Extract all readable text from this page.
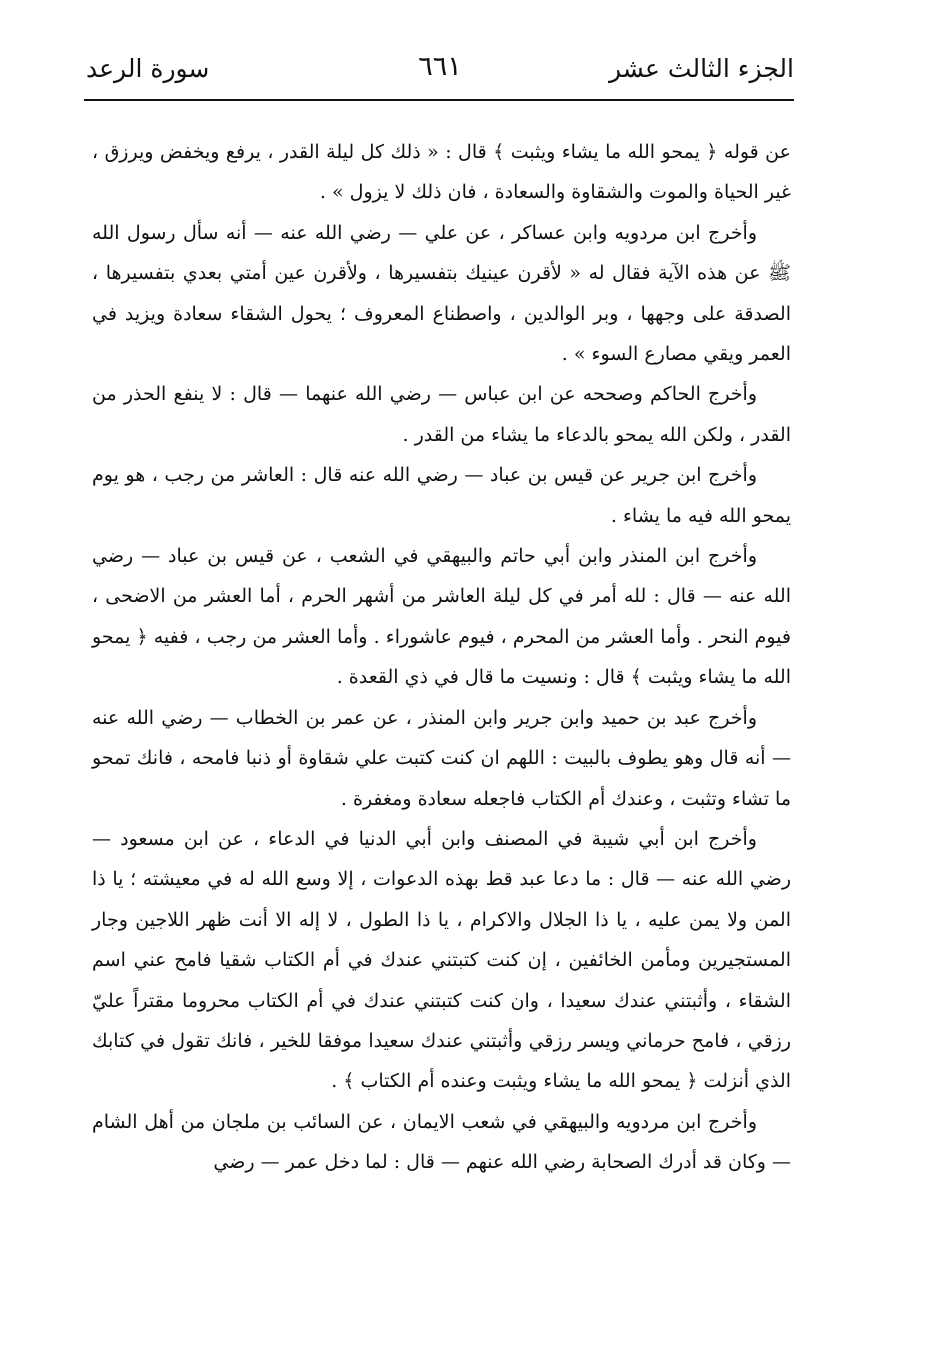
الجزء الثالث عشر
٦٦١
سورة الرعد

عن قوله ﴿ يمحو الله ما يشاء ويثبت ﴾ قال : « ذلك كل ليلة القدر ، يرفع ويخفض ويرزق ، غير الحياة والموت والشقاوة والسعادة ، فان ذلك لا يزول » .

وأخرج ابن مردويه وابن عساكر ، عن علي — رضي الله عنه — أنه سأل رسول الله ﷺ عن هذه الآية فقال له « لأقرن عينيك بتفسيرها ، ولأقرن عين أمتي بعدي بتفسيرها ، الصدقة على وجهها ، وبر الوالدين ، واصطناع المعروف ؛ يحول الشقاء سعادة ويزيد في العمر ويقي مصارع السوء » .

وأخرج الحاكم وصححه عن ابن عباس — رضي الله عنهما — قال : لا ينفع الحذر من القدر ، ولكن الله يمحو بالدعاء ما يشاء من القدر .

وأخرج ابن جرير عن قيس بن عباد — رضي الله عنه قال : العاشر من رجب ، هو يوم يمحو الله فيه ما يشاء .

وأخرج ابن المنذر وابن أبي حاتم والبيهقي في الشعب ، عن قيس بن عباد — رضي الله عنه — قال : لله أمر في كل ليلة العاشر من أشهر الحرم ، أما العشر من الاضحى ، فيوم النحر . وأما العشر من المحرم ، فيوم عاشوراء . وأما العشر من رجب ، ففيه ﴿ يمحو الله ما يشاء ويثبت ﴾ قال : ونسيت ما قال في ذي القعدة .

وأخرج عبد بن حميد وابن جرير وابن المنذر ، عن عمر بن الخطاب — رضي الله عنه — أنه قال وهو يطوف بالبيت : اللهم ان كنت كتبت علي شقاوة أو ذنبا فامحه ، فانك تمحو ما تشاء وتثبت ، وعندك أم الكتاب فاجعله سعادة ومغفرة .

وأخرج ابن أبي شيبة في المصنف وابن أبي الدنيا في الدعاء ، عن ابن مسعود — رضي الله عنه — قال : ما دعا عبد قط بهذه الدعوات ، إلا وسع الله له في معيشته ؛ يا ذا المن ولا يمن عليه ، يا ذا الجلال والاكرام ، يا ذا الطول ، لا إله الا أنت ظهر اللاجين وجار المستجيرين ومأمن الخائفين ، إن كنت كتبتني عندك في أم الكتاب شقيا فامح عني اسم الشقاء ، وأثبتني عندك سعيدا ، وان كنت كتبتني عندك في أم الكتاب محروما مقتراً عليّ رزقي ، فامح حرماني ويسر رزقي وأثبتني عندك سعيدا موفقا للخير ، فانك تقول في كتابك الذي أنزلت ﴿ يمحو الله ما يشاء ويثبت وعنده أم الكتاب ﴾ .

وأخرج ابن مردويه والبيهقي في شعب الايمان ، عن السائب بن ملجان من أهل الشام — وكان قد أدرك الصحابة رضي الله عنهم — قال : لما دخل عمر — رضي
